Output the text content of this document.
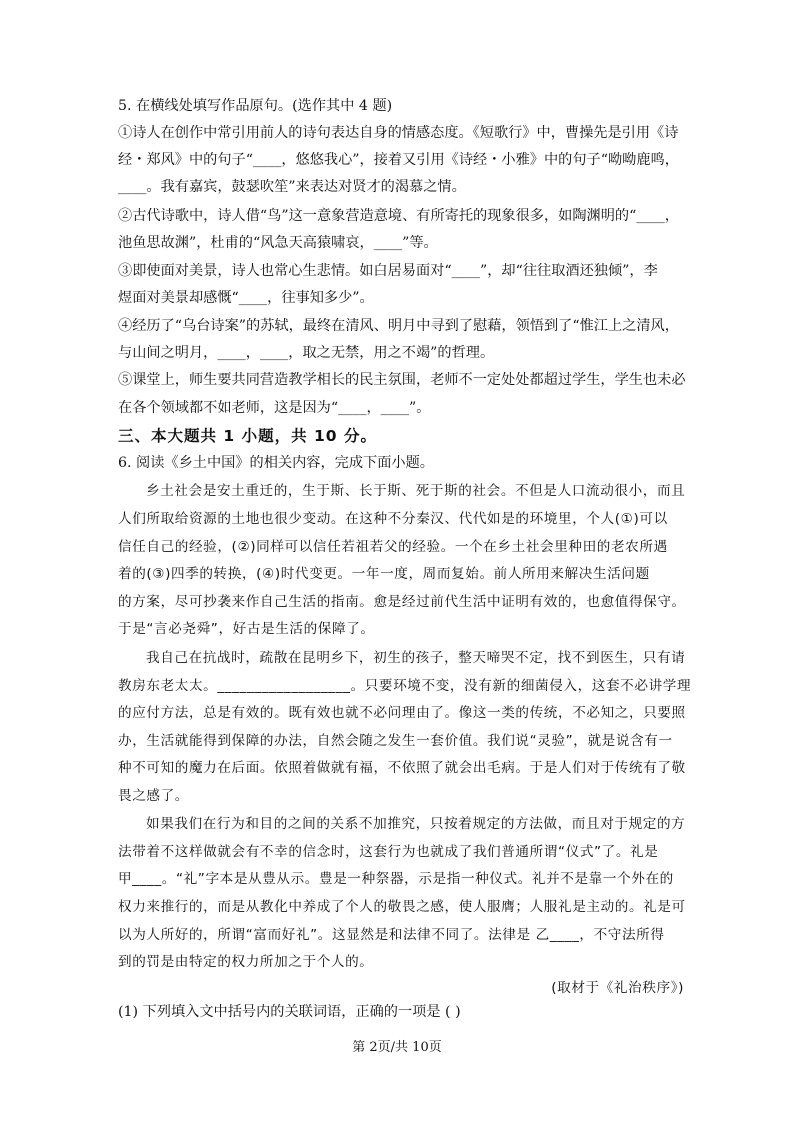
5. 在横线处填写作品原句。(选作其中 4 题)
①诗人在创作中常引用前人的诗句表达自身的情感态度。《短歌行》中，曹操先是引用《诗
经・郑风》中的句子“____，悠悠我心”，接着又引用《诗经・小雅》中的句子“呦呦鹿鸣，
____。我有嘉宾，鼓瑟吹笙”来表达对贤才的渴慕之情。
②古代诗歌中，诗人借“鸟”这一意象营造意境、有所寄托的现象很多，如陶渊明的“____，
池鱼思故渊”，杜甫的“风急天高猿啸哀，____”等。
③即使面对美景，诗人也常心生悲情。如白居易面对“____”，却“往往取酒还独倾”，李
煜面对美景却感慨“____，往事知多少”。
④经历了“乌台诗案”的苏轼，最终在清风、明月中寻到了慰藉，领悟到了“惟江上之清风，
与山间之明月，____，____，取之无禁，用之不竭”的哲理。
⑤课堂上，师生要共同营造教学相长的民主氛围，老师不一定处处都超过学生，学生也未必
在各个领域都不如老师，这是因为“____，____”。
三、本大题共 1 小题，共 10 分。
6. 阅读《乡土中国》的相关内容，完成下面小题。
乡土社会是安土重迁的，生于斯、长于斯、死于斯的社会。不但是人口流动很小，而且
人们所取给资源的土地也很少变动。在这种不分秦汉、代代如是的环境里，个人(①)可以
信任自己的经验，(②)同样可以信任若祖若父的经验。一个在乡土社会里种田的老农所遇
着的(③)四季的转换，(④)时代变更。一年一度，周而复始。前人所用来解决生活问题
的方案，尽可抄袭来作自己生活的指南。愈是经过前代生活中证明有效的，也愈值得保守。
于是“言必尧舜”，好古是生活的保障了。
我自己在抗战时，疏散在昆明乡下，初生的孩子，整天啼哭不定，找不到医生，只有请
教房东老太太。__________________。只要环境不变，没有新的细菌侵入，这套不必讲学理
的应付方法，总是有效的。既有效也就不必问理由了。像这一类的传统，不必知之，只要照
办，生活就能得到保障的办法，自然会随之发生一套价值。我们说“灵验”，就是说含有一
种不可知的魔力在后面。依照着做就有福，不依照了就会出毛病。于是人们对于传统有了敬
畏之感了。
如果我们在行为和目的之间的关系不加推究，只按着规定的方法做，而且对于规定的方
法带着不这样做就会有不幸的信念时，这套行为也就成了我们普通所谓“仪式”了。礼是
甲____。“礼”字本是从豊从示。豊是一种祭器，示是指一种仪式。礼并不是靠一个外在的
权力来推行的，而是从教化中养成了个人的敬畏之感，使人服膺；人服礼是主动的。礼是可
以为人所好的，所谓“富而好礼”。这显然是和法律不同了。法律是 乙____，不守法所得
到的罚是由特定的权力所加之于个人的。
(取材于《礼治秩序》)
(1) 下列填入文中括号内的关联词语，正确的一项是 ( )
第 2页/共 10页
